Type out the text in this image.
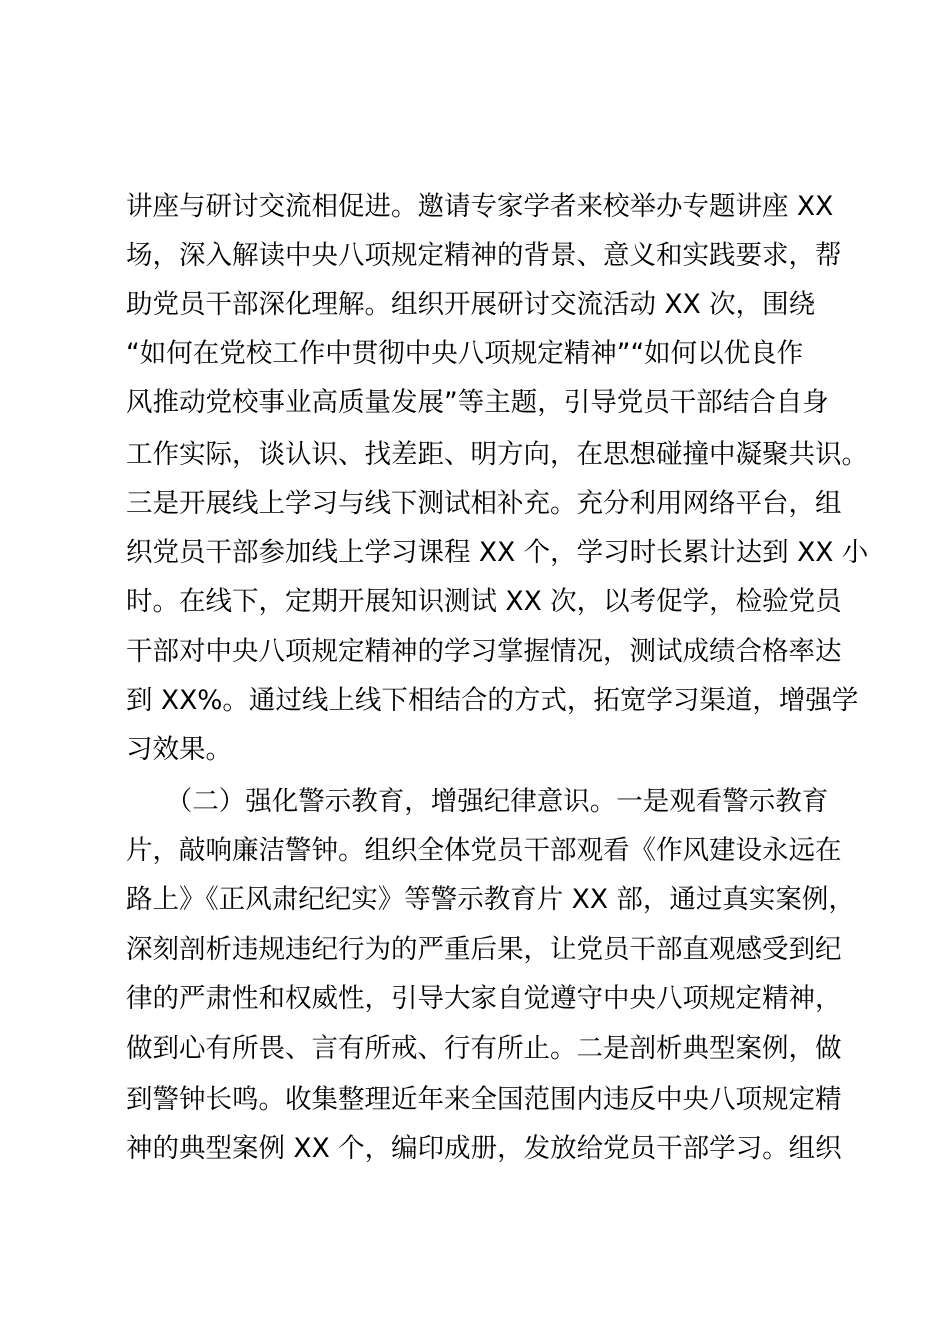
讲座与研讨交流相促进。邀请专家学者来校举办专题讲座 XX
场，深入解读中央八项规定精神的背景、意义和实践要求，帮
助党员干部深化理解。组织开展研讨交流活动 XX 次，围绕
“如何在党校工作中贯彻中央八项规定精神”“如何以优良作
风推动党校事业高质量发展”等主题，引导党员干部结合自身
工作实际，谈认识、找差距、明方向，在思想碰撞中凝聚共识。
三是开展线上学习与线下测试相补充。充分利用网络平台，组
织党员干部参加线上学习课程 XX 个，学习时长累计达到 XX 小
时。在线下，定期开展知识测试 XX 次，以考促学，检验党员
干部对中央八项规定精神的学习掌握情况，测试成绩合格率达
到 XX%。通过线上线下相结合的方式，拓宽学习渠道，增强学
习效果。
　　（二）强化警示教育，增强纪律意识。一是观看警示教育
片，敲响廉洁警钟。组织全体党员干部观看《作风建设永远在
路上》《正风肃纪纪实》等警示教育片 XX 部，通过真实案例，
深刻剖析违规违纪行为的严重后果，让党员干部直观感受到纪
律的严肃性和权威性，引导大家自觉遵守中央八项规定精神，
做到心有所畏、言有所戒、行有所止。二是剖析典型案例，做
到警钟长鸣。收集整理近年来全国范围内违反中央八项规定精
神的典型案例 XX 个，编印成册，发放给党员干部学习。组织
